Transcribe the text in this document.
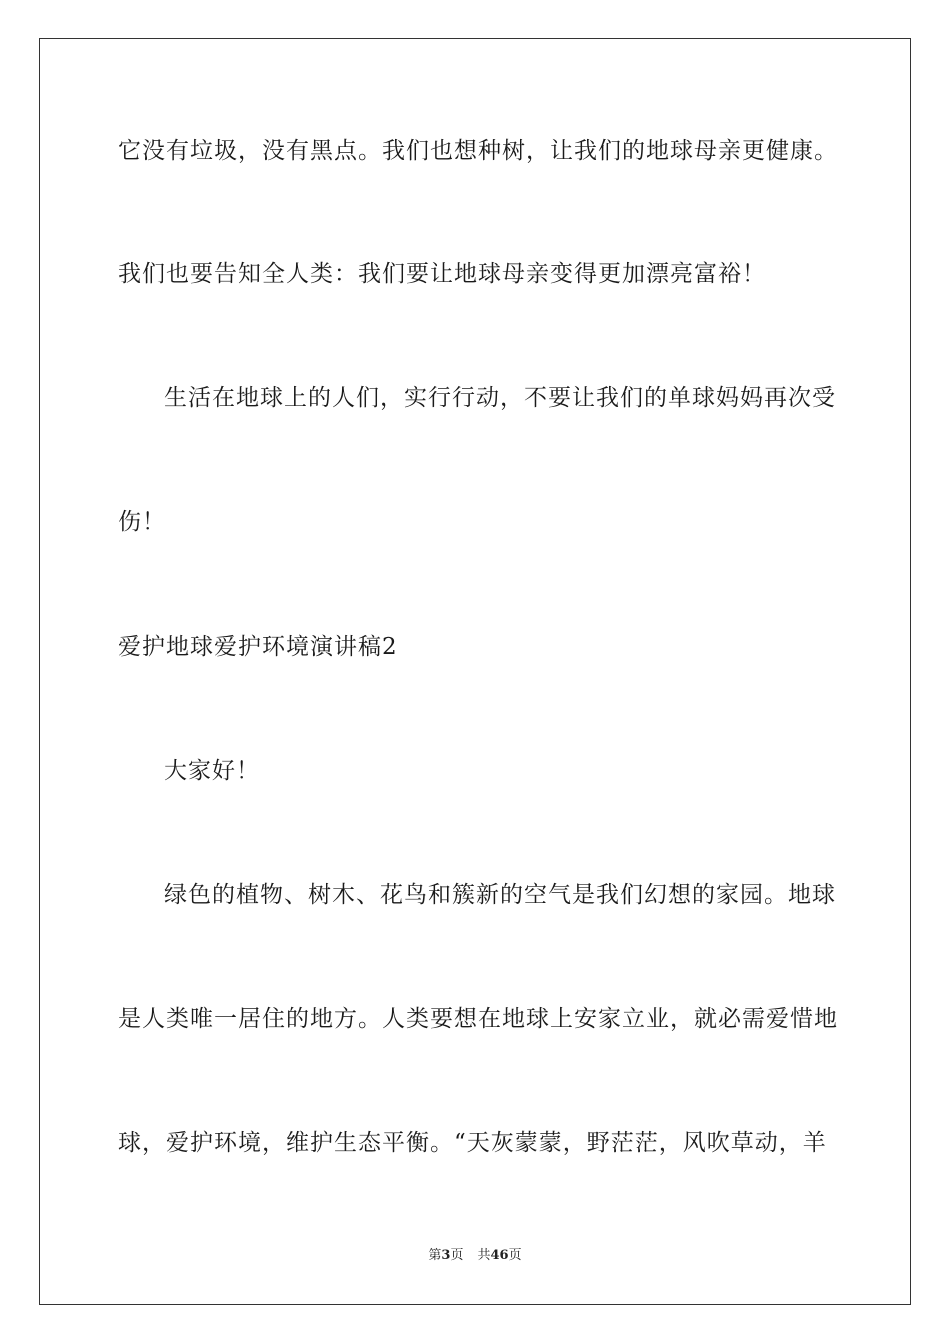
它没有垃圾，没有黑点。我们也想种树，让我们的地球母亲更健康。
我们也要告知全人类：我们要让地球母亲变得更加漂亮富裕！
生活在地球上的人们，实行行动，不要让我们的单球妈妈再次受
伤！
爱护地球爱护环境演讲稿2
大家好！
绿色的植物、树木、花鸟和簇新的空气是我们幻想的家园。地球
是人类唯一居住的地方。人类要想在地球上安家立业，就必需爱惜地
球，爱护环境，维护生态平衡。“天灰蒙蒙，野茫茫，风吹草动，羊
第3页 共46页
